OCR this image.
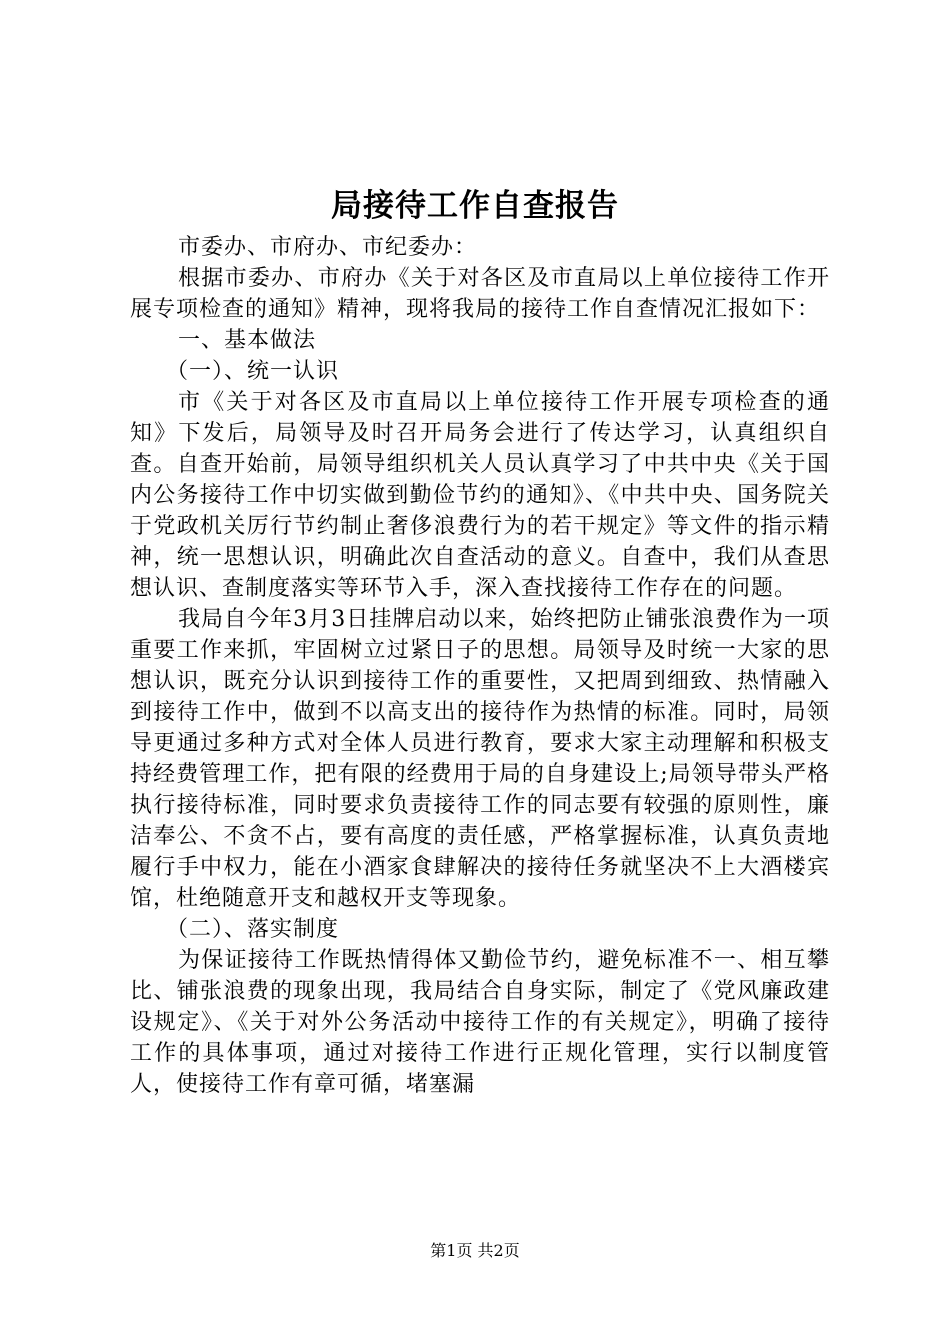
局接待工作自查报告

市委办、市府办、市纪委办：

根据市委办、市府办《关于对各区及市直局以上单位接待工作开展专项检查的通知》精神，现将我局的接待工作自查情况汇报如下：

一、基本做法

（一）、统一认识

市《关于对各区及市直局以上单位接待工作开展专项检查的通知》下发后，局领导及时召开局务会进行了传达学习，认真组织自查。自查开始前，局领导组织机关人员认真学习了中共中央《关于国内公务接待工作中切实做到勤俭节约的通知》、《中共中央、国务院关于党政机关厉行节约制止奢侈浪费行为的若干规定》等文件的指示精神，统一思想认识，明确此次自查活动的意义。自查中，我们从查思想认识、查制度落实等环节入手，深入查找接待工作存在的问题。

我局自今年3月3日挂牌启动以来，始终把防止铺张浪费作为一项重要工作来抓，牢固树立过紧日子的思想。局领导及时统一大家的思想认识，既充分认识到接待工作的重要性，又把周到细致、热情融入到接待工作中，做到不以高支出的接待作为热情的标准。同时，局领导更通过多种方式对全体人员进行教育，要求大家主动理解和积极支持经费管理工作，把有限的经费用于局的自身建设上;局领导带头严格执行接待标准，同时要求负责接待工作的同志要有较强的原则性，廉洁奉公、不贪不占，要有高度的责任感，严格掌握标准，认真负责地履行手中权力，能在小酒家食肆解决的接待任务就坚决不上大酒楼宾馆，杜绝随意开支和越权开支等现象。

（二）、落实制度

为保证接待工作既热情得体又勤俭节约，避免标准不一、相互攀比、铺张浪费的现象出现，我局结合自身实际，制定了《党风廉政建设规定》、《关于对外公务活动中接待工作的有关规定》，明确了接待工作的具体事项，通过对接待工作进行正规化管理，实行以制度管人，使接待工作有章可循，堵塞漏

第1页 共2页
